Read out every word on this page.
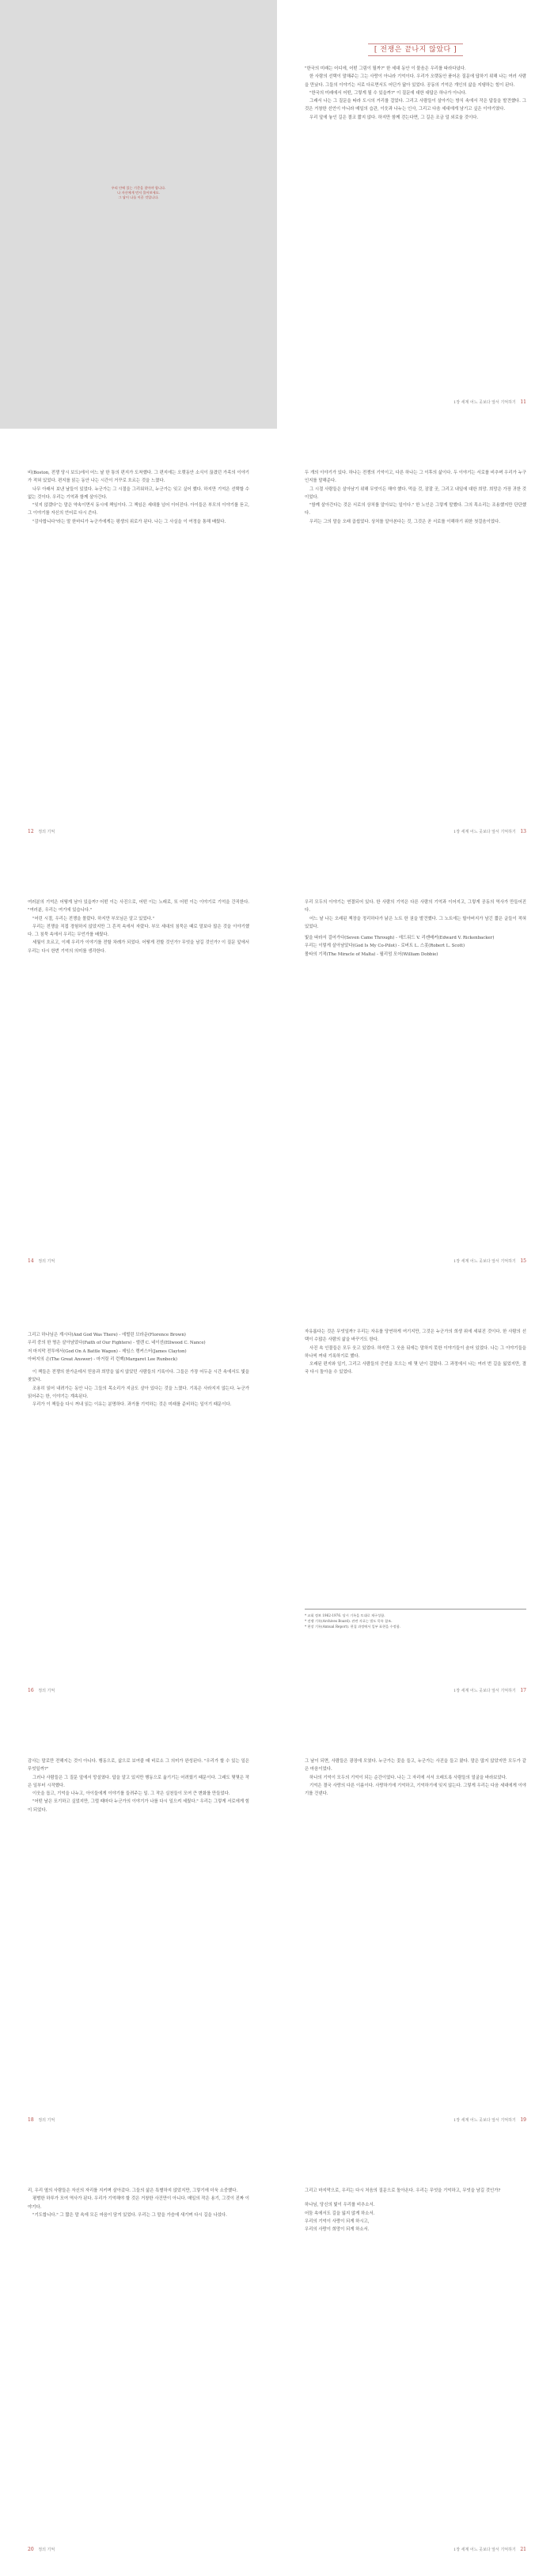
우리 안에 있는 기준을 찾아야 합니다.
나 자신에게 먼저 물어보세요.
그 답이 나를 이끌 것입니다.
[ 전쟁은 끝나지 않았다 ]

"한국의 미래는 어디에, 어떤 그림이 될까?" 한 세대 동안 이 물음은 우리를 따라다녔다.

한 사람의 선택이 말해주는 그는 사랑이 아니라 기억이다. 우리가 오랫동안 품어온 질문에 답하기 위해 나는 여러 사람을 만났다. 그들의 이야기는 서로 다르면서도 어딘가 닮아 있었다. 공동의 기억은 개인의 삶을 지탱하는 힘이 된다.

"한국의 미래에서 어떤, 그렇게 될 수 있을까?" 이 질문에 대한 대답은 하나가 아니다.

그래서 나는 그 질문을 따라 도시의 거리를 걸었다. 그리고 사람들이 살아가는 방식 속에서 작은 답들을 발견했다. 그것은 거창한 선언이 아니라 매일의 습관, 이웃과 나누는 인사, 그리고 다음 세대에게 남기고 싶은 이야기였다.

우리 앞에 놓인 길은 결코 짧지 않다. 하지만 함께 걷는다면, 그 길은 조금 덜 외로울 것이다.

1장 세계 어느 곳보다 앞서 기억하기 11

비(Boston, 전쟁 당시 보도)에서 어느 날 한 통의 편지가 도착했다. 그 편지에는 오랫동안 소식이 끊겼던 가족의 이야기가 적혀 있었다. 편지를 읽는 동안 나는 시간이 거꾸로 흐르는 것을 느꼈다.

나무 아래서 보낸 날들이 있었다. 누군가는 그 시절을 그리워하고, 누군가는 잊고 싶어 했다. 하지만 기억은 선택할 수 없는 것이다. 우리는 기억과 함께 살아간다.

"잊지 않겠다"는 말은 약속이면서 동시에 책임이다. 그 책임은 세대를 넘어 이어진다. 아이들은 부모의 이야기를 듣고, 그 이야기를 자신의 언어로 다시 쓴다.

"감사합니다"라는 말 한마디가 누군가에게는 평생의 위로가 된다. 나는 그 사실을 이 여정을 통해 배웠다.

12 정의 기억

두 개의 이야기가 있다. 하나는 전쟁의 기억이고, 다른 하나는 그 이후의 삶이다. 두 이야기는 서로를 비추며 우리가 누구인지를 말해준다.

그 시절 사람들은 살아남기 위해 무엇이든 해야 했다. 먹을 것, 잠잘 곳, 그리고 내일에 대한 희망. 희망은 가장 귀한 것이었다.

"함께 살아간다는 것은 서로의 상처를 알아보는 일이다." 한 노인은 그렇게 말했다. 그의 목소리는 조용했지만 단단했다.

우리는 그의 말을 오래 곱씹었다. 상처를 알아본다는 것, 그것은 곧 서로를 이해하기 위한 첫걸음이었다.

1장 세계 어느 곳보다 앞서 기억하기 13

여러분의 기억은 어떻게 남아 있을까? 어떤 이는 사진으로, 어떤 이는 노래로, 또 어떤 이는 이야기로 기억을 간직한다. "여러분, 우리는 여기에 있습니다."

"어린 시절, 우리는 전쟁을 몰랐다. 하지만 부모님은 알고 있었다."

우리는 전쟁을 직접 경험하지 않았지만 그 흔적 속에서 자랐다. 부모 세대의 침묵은 때로 말보다 많은 것을 이야기했다. 그 침묵 속에서 우리는 무언가를 배웠다.

세월이 흐르고, 이제 우리가 이야기를 전할 차례가 되었다. 어떻게 전할 것인가? 무엇을 남길 것인가? 이 질문 앞에서 우리는 다시 한번 기억의 의미를 생각한다.

14 정의 기억

우리 모두의 이야기는 연결되어 있다. 한 사람의 기억은 다른 사람의 기억과 이어지고, 그렇게 공동의 역사가 만들어진다.

어느 날 나는 오래된 책장을 정리하다가 낡은 노트 한 권을 발견했다. 그 노트에는 할아버지가 남긴 짧은 글들이 적혀 있었다.

빛을 따라서 걸어가다(Seven Came Through) - 에드워드 V. 리켄배커(Edward V. Rickenbacker)
우리는 이렇게 살아남았다(God Is My Co-Pilot) - 로버트 L. 스콧(Robert L. Scott)
몰타의 기적(The Miracle of Malta) - 윌리엄 모어(William Dobbie)
1장 세계 어느 곳보다 앞서 기억하기 15
그리고 하나님은 계시다(And God Was There) - 에벌린 브라운(Florence Brown)
우리 중의 한 명은 살아남았다(Faith of Our Fighters) - 엘렌 C. 네이선(Ellwood C. Nance)
저 마지막 전투에서(God On A Battle Wagon) - 제임스 랭커스터(James Clayton)
아버지의 손(The Great Answer) - 마거릿 리 런백(Margaret Lee Runbeck)

이 책들은 전쟁의 한가운데서 믿음과 희망을 잃지 않았던 사람들의 기록이다. 그들은 가장 어두운 시간 속에서도 빛을 찾았다.

조용히 읽어 내려가는 동안 나는 그들의 목소리가 지금도 살아 있다는 것을 느꼈다. 기록은 사라지지 않는다. 누군가 읽어주는 한, 이야기는 계속된다.

우리가 이 책들을 다시 꺼내 읽는 이유는 분명하다. 과거를 기억하는 것은 미래를 준비하는 일이기 때문이다.

16 정의 기억

자유롭다는 것은 무엇일까? 우리는 자유를 당연하게 여기지만, 그것은 누군가의 희생 위에 세워진 것이다. 한 사람의 선택이 수많은 사람의 삶을 바꾸기도 한다.

사진 속 인물들은 모두 웃고 있었다. 하지만 그 웃음 뒤에는 말하지 못한 이야기들이 숨어 있었다. 나는 그 이야기들을 하나씩 꺼내 기록하기로 했다.

오래된 편지와 일기, 그리고 사람들의 증언을 모으는 데 몇 년이 걸렸다. 그 과정에서 나는 여러 번 길을 잃었지만, 결국 다시 돌아올 수 있었다.

* 교회 정보 1962-1976. 당시 기록을 토대로 재구성함.
* 전쟁 기록(Archives Board). 관련 자료는 별도 목록 참조.
* 현장 기록(Annual Report). 편집 과정에서 일부 표현을 수정함.
1장 세계 어느 곳보다 앞서 기억하기 17

감사는 말로만 전해지는 것이 아니다. 행동으로, 삶으로 보여줄 때 비로소 그 의미가 완성된다. "우리가 할 수 있는 일은 무엇일까?"

그러나 사람들은 그 질문 앞에서 망설였다. 답을 알고 있지만 행동으로 옮기기는 어려웠기 때문이다. 그래도 몇몇은 작은 일부터 시작했다.

이웃을 돕고, 기억을 나누고, 아이들에게 이야기를 들려주는 일. 그 작은 실천들이 모여 큰 변화를 만들었다.

"어떤 날은 포기하고 싶었지만, 그럴 때마다 누군가의 이야기가 나를 다시 일으켜 세웠다." 우리는 그렇게 서로에게 힘이 되었다.

18 정의 기억

그 날이 되면, 사람들은 광장에 모였다. 누군가는 꽃을 들고, 누군가는 사진을 들고 왔다. 말은 많지 않았지만 모두가 같은 마음이었다.

하나의 기억이 모두의 기억이 되는 순간이었다. 나는 그 자리에 서서 오래도록 사람들의 얼굴을 바라보았다.

기억은 결국 사랑의 다른 이름이다. 사랑하기에 기억하고, 기억하기에 잊지 않는다. 그렇게 우리는 다음 세대에게 이야기를 건넨다.

1장 세계 어느 곳보다 앞서 기억하기 19

리, 우리 옆의 사람들은 자신의 자리를 지키며 살아갔다. 그들의 삶은 특별하지 않았지만, 그렇기에 더욱 소중했다.

평범한 하루가 모여 역사가 된다. 우리가 기억해야 할 것은 거창한 사건만이 아니다. 매일의 작은 용기, 그것이 진짜 이야기다.

"기도합니다." 그 짧은 말 속에 모든 마음이 담겨 있었다. 우리는 그 말을 가슴에 새기며 다시 길을 나섰다.

20 정의 기억

그리고 마지막으로, 우리는 다시 처음의 질문으로 돌아온다. 우리는 무엇을 기억하고, 무엇을 남길 것인가?

하나님, 당신의 빛이 우리를 비추소서.
어둠 속에서도 길을 잃지 않게 하소서.
우리의 기억이 사랑이 되게 하시고,
우리의 사랑이 희망이 되게 하소서.
1장 세계 어느 곳보다 앞서 기억하기 21
